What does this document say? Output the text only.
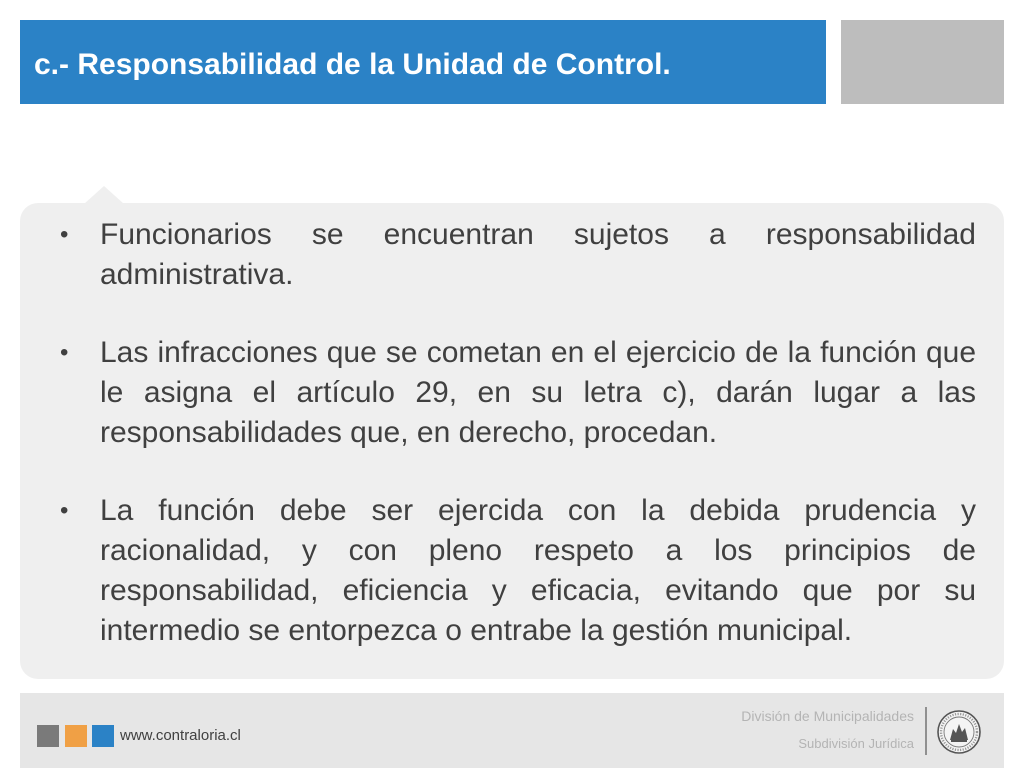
c.- Responsabilidad de la Unidad de Control.
•	Funcionarios se encuentran sujetos a responsabilidad administrativa.
•	Las infracciones que se cometan en el ejercicio de la función que le asigna el artículo 29, en su letra c), darán lugar a las responsabilidades que, en derecho, procedan.
•	La función debe ser ejercida con la debida prudencia y racionalidad, y con pleno respeto a los principios de responsabilidad, eficiencia y eficacia, evitando que por su intermedio se entorpezca o entrabe la gestión municipal.
www.contraloria.cl
División de Municipalidades
Subdivisión Jurídica
